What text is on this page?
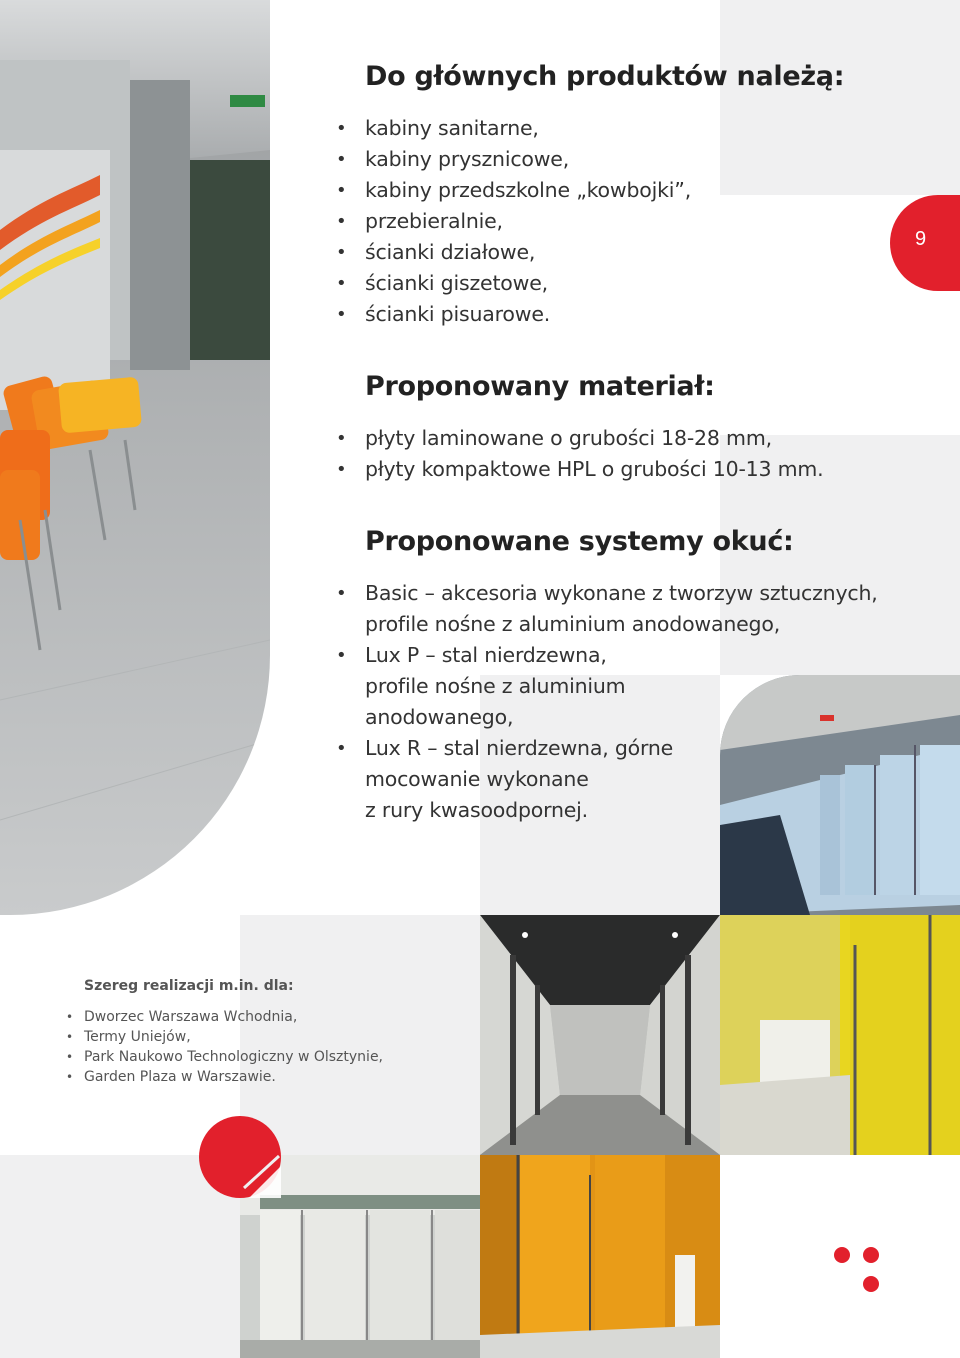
9
Do głównych produktów należą:
• kabiny sanitarne,
• kabiny prysznicowe,
• kabiny przedszkolne „kowbojki”,
• przebieralnie,
• ścianki działowe,
• ścianki giszetowe,
• ścianki pisuarowe.
Proponowany materiał:
• płyty laminowane o grubości 18-28 mm,
• płyty kompaktowe HPL o grubości 10-13 mm.
Proponowane systemy okuć:
• Basic – akcesoria wykonane z tworzyw sztucznych,
profile nośne z aluminium anodowanego,
• Lux P – stal nierdzewna,
profile nośne z aluminium
anodowanego,
• Lux R – stal nierdzewna, górne
mocowanie wykonane
z rury kwasoodpornej.
Szereg realizacji m.in. dla:
• Dworzec Warszawa Wchodnia,
• Termy Uniejów,
• Park Naukowo Technologiczny w Olsztynie,
• Garden Plaza w Warszawie.
